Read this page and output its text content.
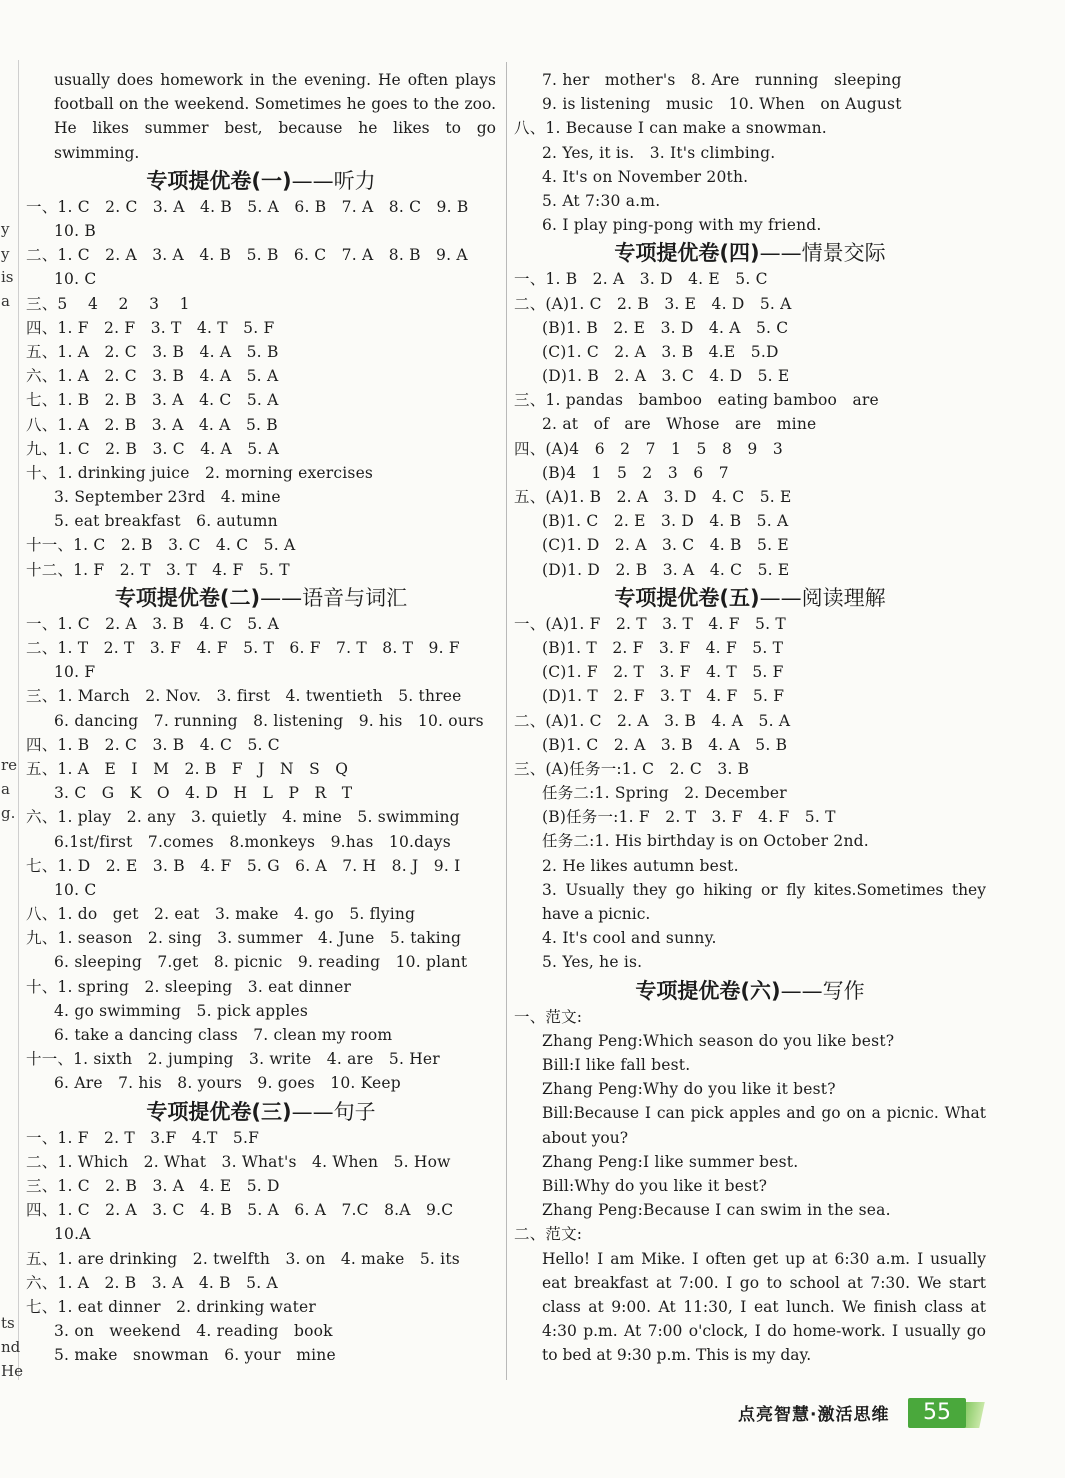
y
y
is
a
re
a
g.
ts
nd
He
usually does homework in the evening. He often plays football on the weekend. Sometimes he goes to the zoo. He likes summer best, because he likes to go swimming.
专项提优卷(一)——听力
一、1. C   2. C   3. A   4. B   5. A   6. B   7. A   8. C   9. B
10. B
二、1. C   2. A   3. A   4. B   5. B   6. C   7. A   8. B   9. A
10. C
三、5    4    2    3    1
四、1. F   2. F   3. T   4. T   5. F
五、1. A   2. C   3. B   4. A   5. B
六、1. A   2. C   3. B   4. A   5. A
七、1. B   2. B   3. A   4. C   5. A
八、1. A   2. B   3. A   4. A   5. B
九、1. C   2. B   3. C   4. A   5. A
十、1. drinking juice   2. morning exercises
3. September 23rd   4. mine
5. eat breakfast   6. autumn
十一、1. C   2. B   3. C   4. C   5. A
十二、1. F   2. T   3. T   4. F   5. T
专项提优卷(二)——语音与词汇
一、1. C   2. A   3. B   4. C   5. A
二、1. T   2. T   3. F   4. F   5. T   6. F   7. T   8. T   9. F
10. F
三、1. March   2. Nov.   3. first   4. twentieth   5. three
6. dancing   7. running   8. listening   9. his   10. ours
四、1. B   2. C   3. B   4. C   5. C
五、1. A   E   I   M   2. B   F   J   N   S   Q
3. C   G   K   O   4. D   H   L   P   R   T
六、1. play   2. any   3. quietly   4. mine   5. swimming
6.1st/first   7.comes   8.monkeys   9.has   10.days
七、1. D   2. E   3. B   4. F   5. G   6. A   7. H   8. J   9. I
10. C
八、1. do   get   2. eat   3. make   4. go   5. flying
九、1. season   2. sing   3. summer   4. June   5. taking
6. sleeping   7.get   8. picnic   9. reading   10. plant
十、1. spring   2. sleeping   3. eat dinner
4. go swimming   5. pick apples
6. take a dancing class   7. clean my room
十一、1. sixth   2. jumping   3. write   4. are   5. Her
6. Are   7. his   8. yours   9. goes   10. Keep
专项提优卷(三)——句子
一、1. F   2. T   3.F   4.T   5.F
二、1. Which   2. What   3. What's   4. When   5. How
三、1. C   2. B   3. A   4. E   5. D
四、1. C   2. A   3. C   4. B   5. A   6. A   7.C   8.A   9.C
10.A
五、1. are drinking   2. twelfth   3. on   4. make   5. its
六、1. A   2. B   3. A   4. B   5. A
七、1. eat dinner   2. drinking water
3. on   weekend   4. reading   book
5. make   snowman   6. your   mine
7. her   mother's   8. Are   running   sleeping
9. is listening   music   10. When   on August
八、1. Because I can make a snowman.
2. Yes, it is.   3. It's climbing.
4. It's on November 20th.
5. At 7:30 a.m.
6. I play ping-pong with my friend.
专项提优卷(四)——情景交际
一、1. B   2. A   3. D   4. E   5. C
二、(A)1. C   2. B   3. E   4. D   5. A
(B)1. B   2. E   3. D   4. A   5. C
(C)1. C   2. A   3. B   4.E   5.D
(D)1. B   2. A   3. C   4. D   5. E
三、1. pandas   bamboo   eating bamboo   are
2. at   of   are   Whose   are   mine
四、(A)4   6   2   7   1   5   8   9   3
(B)4   1   5   2   3   6   7
五、(A)1. B   2. A   3. D   4. C   5. E
(B)1. C   2. E   3. D   4. B   5. A
(C)1. D   2. A   3. C   4. B   5. E
(D)1. D   2. B   3. A   4. C   5. E
专项提优卷(五)——阅读理解
一、(A)1. F   2. T   3. T   4. F   5. T
(B)1. T   2. F   3. F   4. F   5. T
(C)1. F   2. T   3. F   4. T   5. F
(D)1. T   2. F   3. T   4. F   5. F
二、(A)1. C   2. A   3. B   4. A   5. A
(B)1. C   2. A   3. B   4. A   5. B
三、(A)任务一:1. C   2. C   3. B
任务二:1. Spring   2. December
(B)任务一:1. F   2. T   3. F   4. F   5. T
任务二:1. His birthday is on October 2nd.
2. He likes autumn best.
3. Usually they go hiking or fly kites.Sometimes they have a picnic.
4. It's cool and sunny.
5. Yes, he is.
专项提优卷(六)——写作
一、范文:
Zhang Peng:Which season do you like best?
Bill:I like fall best.
Zhang Peng:Why do you like it best?
Bill:Because I can pick apples and go on a picnic. What about you?
Zhang Peng:I like summer best.
Bill:Why do you like it best?
Zhang Peng:Because I can swim in the sea.
二、范文:
Hello! I am Mike. I often get up at 6:30 a.m. I usually eat breakfast at 7:00. I go to school at 7:30. We start class at 9:00. At 11:30, I eat lunch. We finish class at 4:30 p.m. At 7:00 o'clock, I do home-work. I usually go to bed at 9:30 p.m. This is my day.
点亮智慧·激活思维	55
